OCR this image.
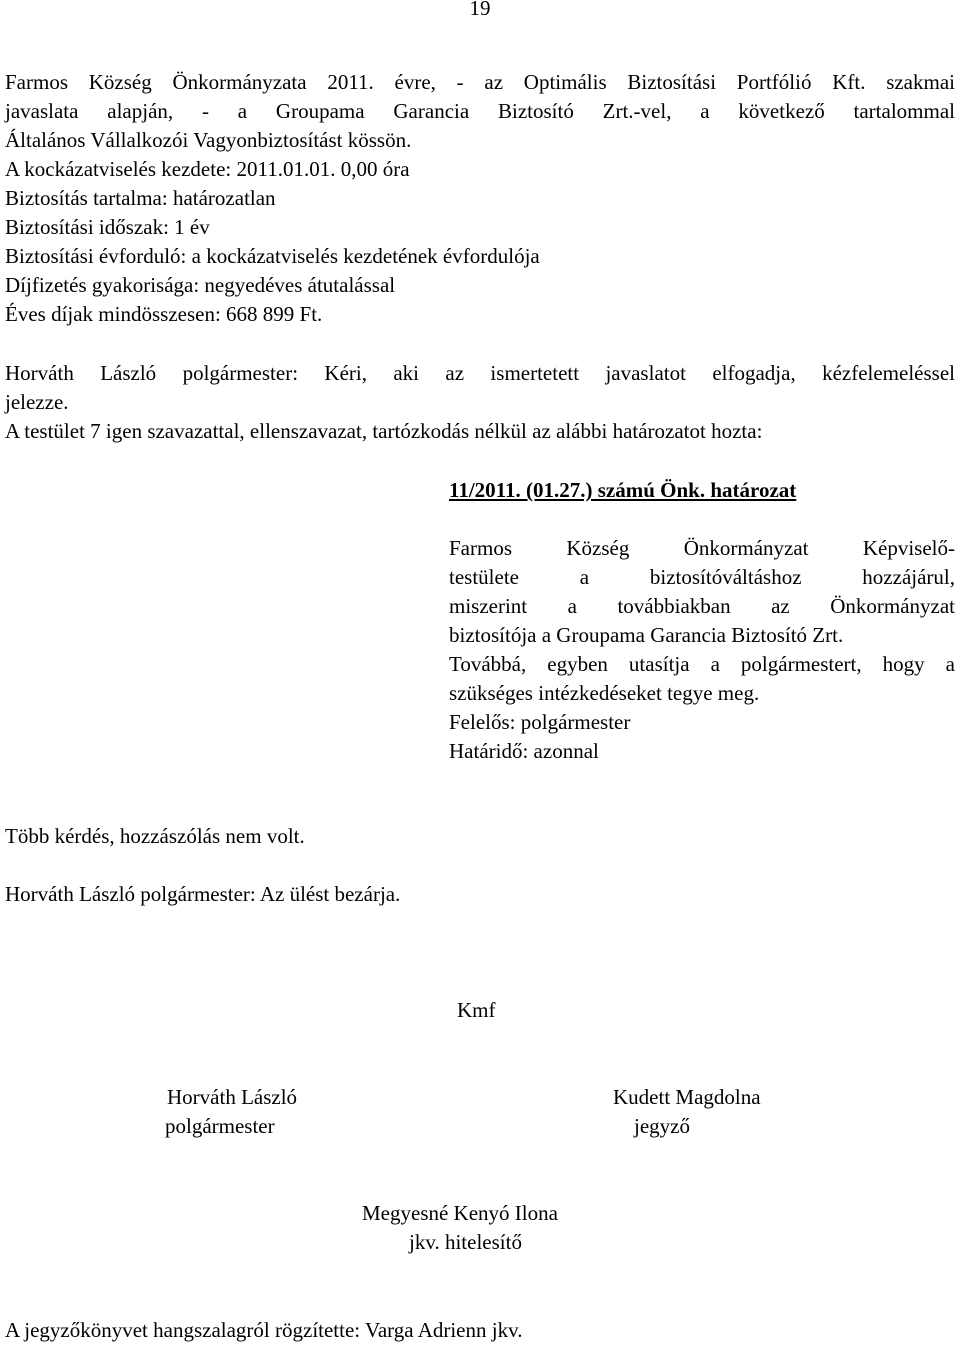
19
Farmos Község Önkormányzata 2011. évre, - az Optimális Biztosítási Portfólió Kft. szakmai
javaslata alapján, - a Groupama Garancia Biztosító Zrt.-vel, a következő tartalommal
Általános Vállalkozói Vagyonbiztosítást kössön.
A kockázatviselés kezdete: 2011.01.01. 0,00 óra
Biztosítás tartalma: határozatlan
Biztosítási időszak: 1 év
Biztosítási évforduló: a kockázatviselés kezdetének évfordulója
Díjfizetés gyakorisága: negyedéves átutalással
Éves díjak mindösszesen: 668 899 Ft.
Horváth László polgármester: Kéri, aki az ismertetett javaslatot elfogadja, kézfelemeléssel
jelezze.
A testület 7 igen szavazattal, ellenszavazat, tartózkodás nélkül az alábbi határozatot hozta:
11/2011. (01.27.) számú Önk. határozat
Farmos Község Önkormányzat Képviselő-
testülete a biztosítóváltáshoz hozzájárul,
miszerint a továbbiakban az Önkormányzat
biztosítója a Groupama Garancia Biztosító Zrt.
Továbbá, egyben utasítja a polgármestert, hogy a
szükséges intézkedéseket tegye meg.
Felelős: polgármester
Határidő: azonnal
Több kérdés, hozzászólás nem volt.
Horváth László polgármester: Az ülést bezárja.
Kmf
Horváth László
polgármester
Kudett Magdolna
jegyző
Megyesné Kenyó Ilona
jkv. hitelesítő
A jegyzőkönyvet hangszalagról rögzítette: Varga Adrienn jkv.
